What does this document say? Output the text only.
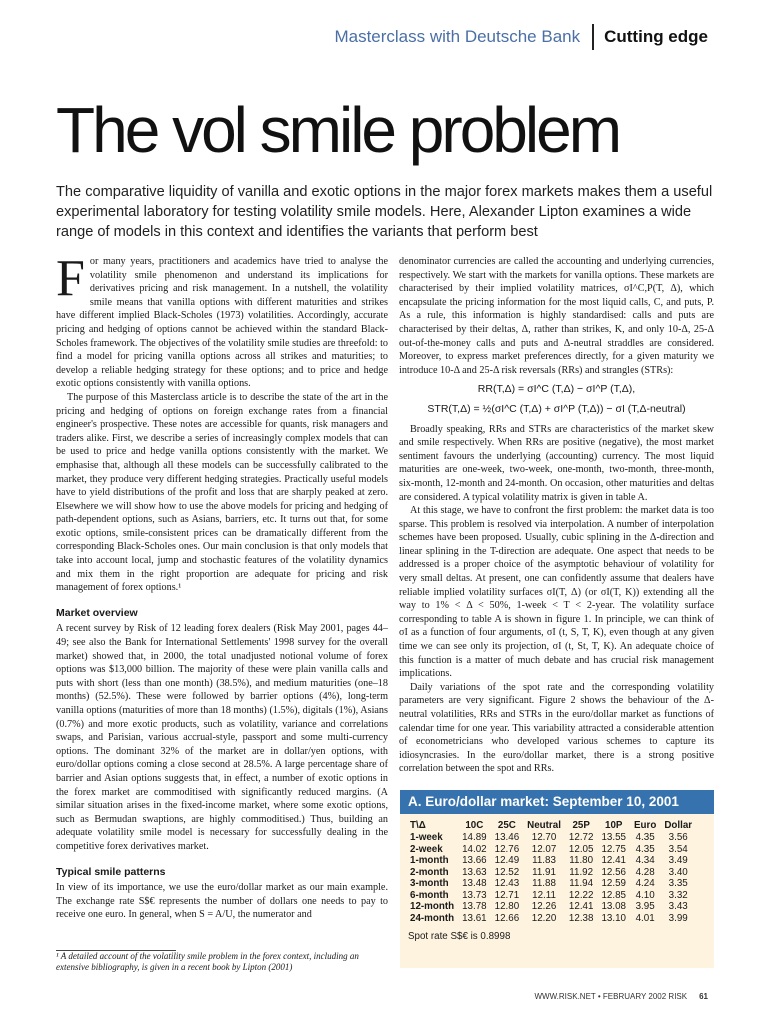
Masterclass with Deutsche Bank Cutting edge
The vol smile problem

The comparative liquidity of vanilla and exotic options in the major forex markets makes them a useful experimental laboratory for testing volatility smile models. Here, Alexander Lipton examines a wide range of models in this context and identifies the variants that perform best

F or many years, practitioners and academics have tried to analyse the volatility smile phenomenon and understand its implications for derivatives pricing and risk management. In a nutshell, the volatility smile means that vanilla options with different maturities and strikes have different implied Black-Scholes (1973) volatilities. Accordingly, accurate pricing and hedging of options cannot be achieved within the standard Black-Scholes framework. The objectives of the volatility smile studies are threefold: to find a model for pricing vanilla options across all strikes and maturities; to develop a reliable hedging strategy for these options; and to price and hedge exotic options consistently with vanilla options.

The purpose of this Masterclass article is to describe the state of the art in the pricing and hedging of options on foreign exchange rates from a financial engineer's prospective. These notes are accessible for quants, risk managers and traders alike. First, we describe a series of increasingly complex models that can be used to price and hedge vanilla options consistently with the market. We emphasise that, although all these models can be successfully calibrated to the market, they produce very different hedging strategies. Practically useful models have to yield distributions of the profit and loss that are sharply peaked at zero. Elsewhere we will show how to use the above models for pricing and hedging of path-dependent options, such as Asians, barriers, etc. It turns out that, for some exotic options, smile-consistent prices can be dramatically different from the corresponding Black-Scholes ones. Our main conclusion is that only models that take into account local, jump and stochastic features of the volatility dynamics and mix them in the right proportion are adequate for pricing and risk management of forex options.¹

Market overview

A recent survey by Risk of 12 leading forex dealers (Risk May 2001, pages 44–49; see also the Bank for International Settlements' 1998 survey for the overall market) showed that, in 2000, the total unadjusted notional volume of forex options was $13,000 billion. The majority of these were plain vanilla calls and puts with short (less than one month) (38.5%), and medium maturities (one–18 months) (52.5%). These were followed by barrier options (4%), long-term vanilla options (maturities of more than 18 months) (1.5%), digitals (1%), Asians (0.7%) and more exotic products, such as volatility, variance and correlations swaps, and Parisian, various accrual-style, passport and some multi-currency options. The dominant 32% of the market are in dollar/yen options, with euro/dollar options coming a close second at 28.5%. A large percentage share of barrier and Asian options suggests that, in effect, a number of exotic options in the forex market are commoditised with significantly reduced margins. (A similar situation arises in the fixed-income market, where some exotic options, such as Bermudan swaptions, are highly commoditised.) Thus, building an adequate volatility smile model is necessary for successfully dealing in the competitive forex derivatives market.

Typical smile patterns

In view of its importance, we use the euro/dollar market as our main example. The exchange rate S$€ represents the number of dollars one needs to pay to receive one euro. In general, when S = A/U, the numerator and

¹ A detailed account of the volatility smile problem in the forex context, including an extensive bibliography, is given in a recent book by Lipton (2001)

denominator currencies are called the accounting and underlying currencies, respectively. We start with the markets for vanilla options. These markets are characterised by their implied volatility matrices, σI^C,P(T, Δ), which encapsulate the pricing information for the most liquid calls, C, and puts, P. As a rule, this information is highly standardised: calls and puts are characterised by their deltas, Δ, rather than strikes, K, and only 10-Δ, 25-Δ out-of-the-money calls and puts and Δ-neutral straddles are considered. Moreover, to express market preferences directly, for a given maturity we introduce 10-Δ and 25-Δ risk reversals (RRs) and strangles (STRs):

RR(T,Δ) = σI^C (T,Δ) − σI^P (T,Δ),
STR(T,Δ) = ½(σI^C (T,Δ) + σI^P (T,Δ)) − σI (T,Δ-neutral)

Broadly speaking, RRs and STRs are characteristics of the market skew and smile respectively. When RRs are positive (negative), the most market sentiment favours the underlying (accounting) currency. The most liquid maturities are one-week, two-week, one-month, two-month, three-month, six-month, 12-month and 24-month. On occasion, other maturities and deltas are considered. A typical volatility matrix is given in table A.

At this stage, we have to confront the first problem: the market data is too sparse. This problem is resolved via interpolation. A number of interpolation schemes have been proposed. Usually, cubic splining in the Δ-direction and linear splining in the T-direction are adequate. One aspect that needs to be addressed is a proper choice of the asymptotic behaviour of volatility for very small deltas. At present, one can confidently assume that dealers have reliable implied volatility surfaces σI(T, Δ) (or σI(T, K)) extending all the way to 1% < Δ < 50%, 1-week < T < 2-year. The volatility surface corresponding to table A is shown in figure 1. In principle, we can think of σI as a function of four arguments, σI (t, S, T, K), even though at any given time we can see only its projection, σI (t, St, T, K). An adequate choice of this function is a matter of much debate and has crucial risk management implications.

Daily variations of the spot rate and the corresponding volatility parameters are very significant. Figure 2 shows the behaviour of the Δ-neutral volatilities, RRs and STRs in the euro/dollar market as functions of calendar time for one year. This variability attracted a considerable attention of econometricians who developed various schemes to capture its idiosyncrasies. In the euro/dollar market, there is a strong positive correlation between the spot and RRs.

A. Euro/dollar market: September 10, 2001
T\Δ	10C	25C	Neutral	25P	10P	Euro	Dollar
1-week	14.89	13.46	12.70	12.72	13.55	4.35	3.56
2-week	14.02	12.76	12.07	12.05	12.75	4.35	3.54
1-month	13.66	12.49	11.83	11.80	12.41	4.34	3.49
2-month	13.63	12.52	11.91	11.92	12.56	4.28	3.40
3-month	13.48	12.43	11.88	11.94	12.59	4.24	3.35
6-month	13.73	12.71	12.11	12.22	12.85	4.10	3.32
12-month	13.78	12.80	12.26	12.41	13.08	3.95	3.43
24-month	13.61	12.66	12.20	12.38	13.10	4.01	3.99
Spot rate S$€ is 0.8998
WWW.RISK.NET • FEBRUARY 2002 RISK 61
